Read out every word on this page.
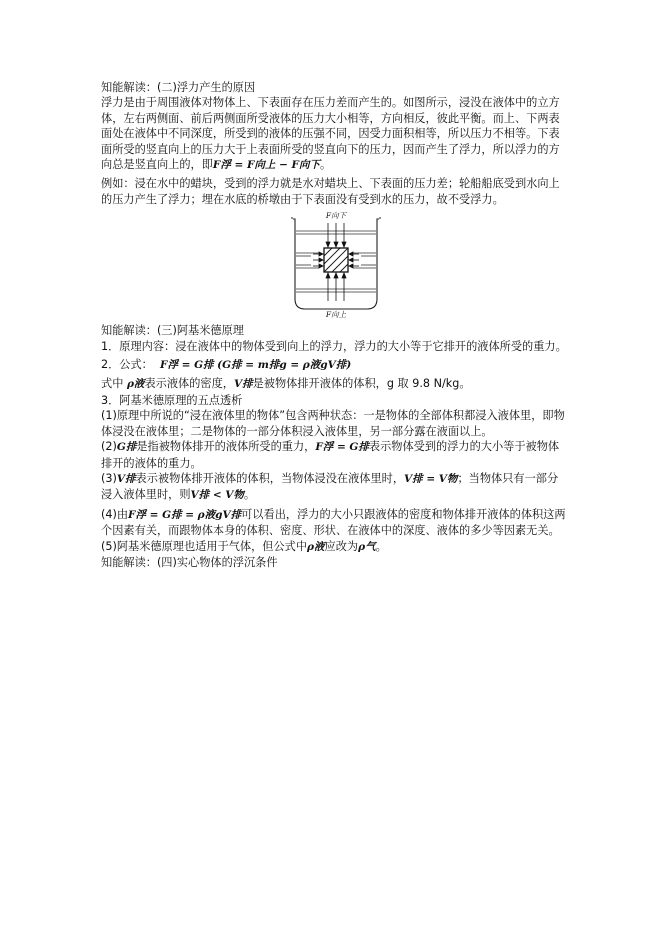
知能解读：(二)浮力产生的原因

浮力是由于周围液体对物体上、下表面存在压力差而产生的。如图所示，浸没在液体中的立方体，左右两侧面、前后两侧面所受液体的压力大小相等，方向相反，彼此平衡。而上、下两表面处在液体中不同深度，所受到的液体的压强不同，因受力面积相等，所以压力不相等。下表面所受的竖直向上的压力大于上表面所受的竖直向下的压力，因而产生了浮力，所以浮力的方向总是竖直向上的，即F浮 = F向上 − F向下。

例如：浸在水中的蜡块，受到的浮力就是水对蜡块上、下表面的压力差；轮船船底受到水向上的压力产生了浮力；埋在水底的桥墩由于下表面没有受到水的压力，故不受浮力。

F向下
F向上

知能解读：(三)阿基米德原理

1．原理内容：浸在液体中的物体受到向上的浮力，浮力的大小等于它排开的液体所受的重力。

2．公式： F浮 = G排 (G排 = m排g = ρ液gV排)

式中 ρ液表示液体的密度，V排是被物体排开液体的体积，g 取 9.8 N/kg。

3．阿基米德原理的五点透析

(1)原理中所说的“浸在液体里的物体”包含两种状态：一是物体的全部体积都浸入液体里，即物体浸没在液体里；二是物体的一部分体积浸入液体里，另一部分露在液面以上。

(2)G排是指被物体排开的液体所受的重力，F浮 = G排表示物体受到的浮力的大小等于被物体排开的液体的重力。

(3)V排表示被物体排开液体的体积，当物体浸没在液体里时，V排 = V物；当物体只有一部分浸入液体里时，则V排 < V物。

(4)由F浮 = G排 = ρ液gV排可以看出，浮力的大小只跟液体的密度和物体排开液体的体积这两个因素有关，而跟物体本身的体积、密度、形状、在液体中的深度、液体的多少等因素无关。

(5)阿基米德原理也适用于气体，但公式中ρ液应改为ρ气。

知能解读：(四)实心物体的浮沉条件
